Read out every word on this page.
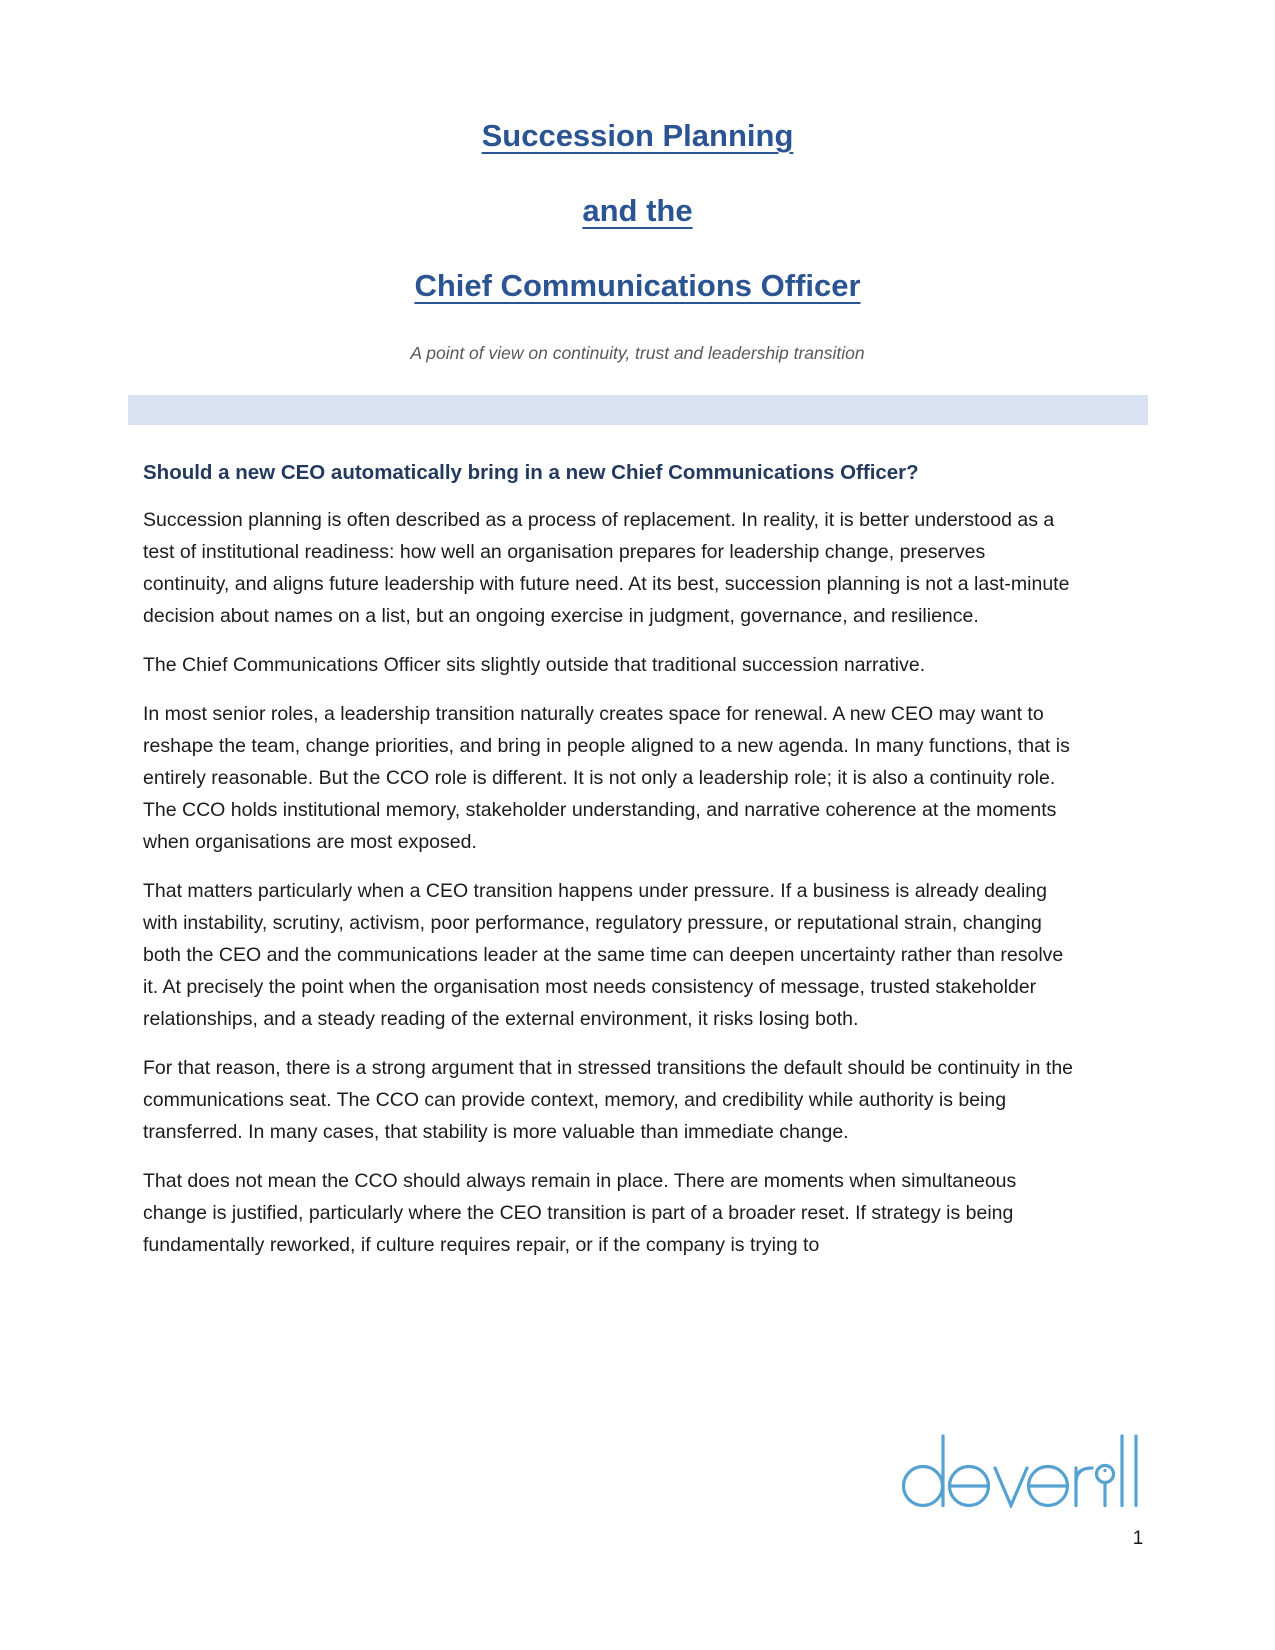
Succession Planning

and the

Chief Communications Officer

A point of view on continuity, trust and leadership transition

Should a new CEO automatically bring in a new Chief Communications Officer?

Succession planning is often described as a process of replacement. In reality, it is better understood as a test of institutional readiness: how well an organisation prepares for leadership change, preserves continuity, and aligns future leadership with future need. At its best, succession planning is not a last-minute decision about names on a list, but an ongoing exercise in judgment, governance, and resilience.

The Chief Communications Officer sits slightly outside that traditional succession narrative.

In most senior roles, a leadership transition naturally creates space for renewal. A new CEO may want to reshape the team, change priorities, and bring in people aligned to a new agenda. In many functions, that is entirely reasonable. But the CCO role is different. It is not only a leadership role; it is also a continuity role. The CCO holds institutional memory, stakeholder understanding, and narrative coherence at the moments when organisations are most exposed.

That matters particularly when a CEO transition happens under pressure. If a business is already dealing with instability, scrutiny, activism, poor performance, regulatory pressure, or reputational strain, changing both the CEO and the communications leader at the same time can deepen uncertainty rather than resolve it. At precisely the point when the organisation most needs consistency of message, trusted stakeholder relationships, and a steady reading of the external environment, it risks losing both.

For that reason, there is a strong argument that in stressed transitions the default should be continuity in the communications seat. The CCO can provide context, memory, and credibility while authority is being transferred. In many cases, that stability is more valuable than immediate change.

That does not mean the CCO should always remain in place. There are moments when simultaneous change is justified, particularly where the CEO transition is part of a broader reset. If strategy is being fundamentally reworked, if culture requires repair, or if the company is trying to

1
